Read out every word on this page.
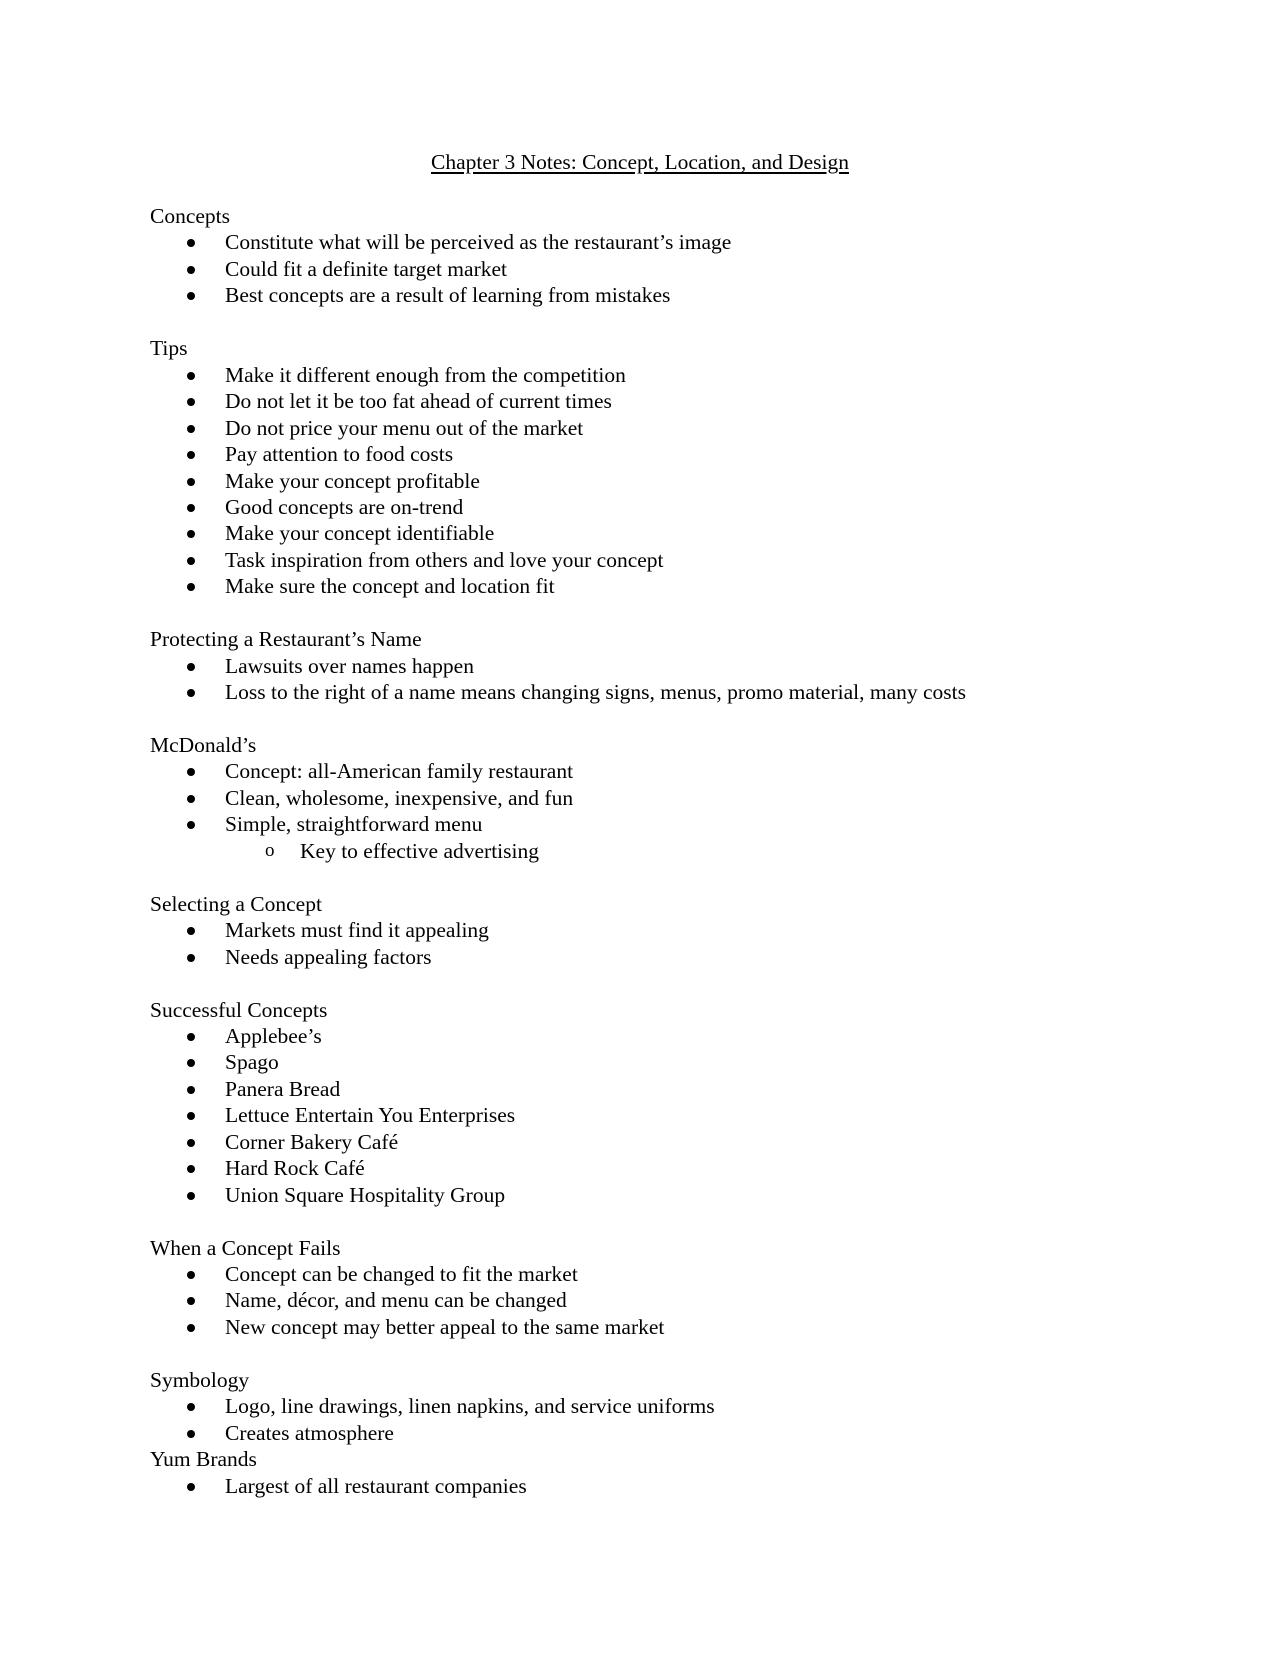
Chapter 3 Notes: Concept, Location, and Design
Concepts
Constitute what will be perceived as the restaurant’s image
Could fit a definite target market
Best concepts are a result of learning from mistakes
Tips
Make it different enough from the competition
Do not let it be too fat ahead of current times
Do not price your menu out of the market
Pay attention to food costs
Make your concept profitable
Good concepts are on-trend
Make your concept identifiable
Task inspiration from others and love your concept
Make sure the concept and location fit
Protecting a Restaurant’s Name
Lawsuits over names happen
Loss to the right of a name means changing signs, menus, promo material, many costs
McDonald’s
Concept: all-American family restaurant
Clean, wholesome, inexpensive, and fun
Simple, straightforward menu
o Key to effective advertising
Selecting a Concept
Markets must find it appealing
Needs appealing factors
Successful Concepts
Applebee’s
Spago
Panera Bread
Lettuce Entertain You Enterprises
Corner Bakery Café
Hard Rock Café
Union Square Hospitality Group
When a Concept Fails
Concept can be changed to fit the market
Name, décor, and menu can be changed
New concept may better appeal to the same market
Symbology
Logo, line drawings, linen napkins, and service uniforms
Creates atmosphere
Yum Brands
Largest of all restaurant companies
